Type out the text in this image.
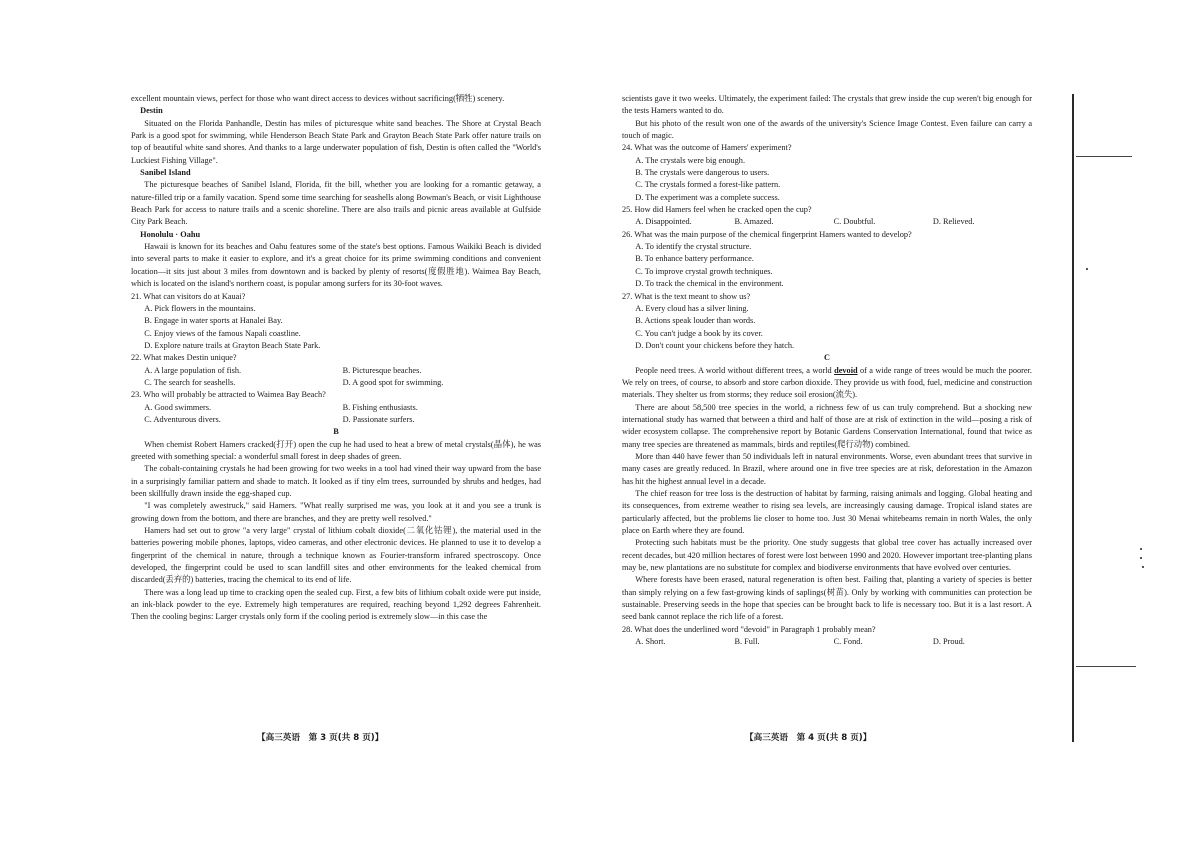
excellent mountain views, perfect for those who want direct access to devices without sacrificing(牺牲) scenery.

Destin

Situated on the Florida Panhandle, Destin has miles of picturesque white sand beaches. The Shore at Crystal Beach Park is a good spot for swimming, while Henderson Beach State Park and Grayton Beach State Park offer nature trails on top of beautiful white sand shores. And thanks to a large underwater population of fish, Destin is often called the "World's Luckiest Fishing Village".

Sanibel Island

The picturesque beaches of Sanibel Island, Florida, fit the bill, whether you are looking for a romantic getaway, a nature-filled trip or a family vacation. Spend some time searching for seashells along Bowman's Beach, or visit Lighthouse Beach Park for access to nature trails and a scenic shoreline. There are also trails and picnic areas available at Gulfside City Park Beach.

Honolulu · Oahu

Hawaii is known for its beaches and Oahu features some of the state's best options. Famous Waikiki Beach is divided into several parts to make it easier to explore, and it's a great choice for its prime swimming conditions and convenient location—it sits just about 3 miles from downtown and is backed by plenty of resorts(度假胜地). Waimea Bay Beach, which is located on the island's northern coast, is popular among surfers for its 30-foot waves.

21. What can visitors do at Kauai?

A. Pick flowers in the mountains.

B. Engage in water sports at Hanalei Bay.

C. Enjoy views of the famous Napali coastline.

D. Explore nature trails at Grayton Beach State Park.

22. What makes Destin unique?

A. A large population of fish.	B. Picturesque beaches.
C. The search for seashells.	D. A good spot for swimming.

23. Who will probably be attracted to Waimea Bay Beach?

A. Good swimmers.	B. Fishing enthusiasts.
C. Adventurous divers.	D. Passionate surfers.

B

When chemist Robert Hamers cracked(打开) open the cup he had used to heat a brew of metal crystals(晶体), he was greeted with something special: a wonderful small forest in deep shades of green.

The cobalt-containing crystals he had been growing for two weeks in a tool had vined their way upward from the base in a surprisingly familiar pattern and shade to match. It looked as if tiny elm trees, surrounded by shrubs and hedges, had been skillfully drawn inside the egg-shaped cup.

"I was completely awestruck," said Hamers. "What really surprised me was, you look at it and you see a trunk is growing down from the bottom, and there are branches, and they are pretty well resolved."

Hamers had set out to grow "a very large" crystal of lithium cobalt dioxide(二氧化钴锂), the material used in the batteries powering mobile phones, laptops, video cameras, and other electronic devices. He planned to use it to develop a fingerprint of the chemical in nature, through a technique known as Fourier-transform infrared spectroscopy. Once developed, the fingerprint could be used to scan landfill sites and other environments for the leaked chemical from discarded(丢弃的) batteries, tracing the chemical to its end of life.

There was a long lead up time to cracking open the sealed cup. First, a few bits of lithium cobalt oxide were put inside, an ink-black powder to the eye. Extremely high temperatures are required, reaching beyond 1,292 degrees Fahrenheit. Then the cooling begins: Larger crystals only form if the cooling period is extremely slow—in this case the

【高三英语　第 3 页(共 8 页)】

scientists gave it two weeks. Ultimately, the experiment failed: The crystals that grew inside the cup weren't big enough for the tests Hamers wanted to do.

But his photo of the result won one of the awards of the university's Science Image Contest. Even failure can carry a touch of magic.

24. What was the outcome of Hamers' experiment?

A. The crystals were big enough.

B. The crystals were dangerous to users.

C. The crystals formed a forest-like pattern.

D. The experiment was a complete success.

25. How did Hamers feel when he cracked open the cup?

A. Disappointed.	B. Amazed.	C. Doubtful.	D. Relieved.

26. What was the main purpose of the chemical fingerprint Hamers wanted to develop?

A. To identify the crystal structure.

B. To enhance battery performance.

C. To improve crystal growth techniques.

D. To track the chemical in the environment.

27. What is the text meant to show us?

A. Every cloud has a silver lining.

B. Actions speak louder than words.

C. You can't judge a book by its cover.

D. Don't count your chickens before they hatch.

C

People need trees. A world without different trees, a world devoid of a wide range of trees would be much the poorer. We rely on trees, of course, to absorb and store carbon dioxide. They provide us with food, fuel, medicine and construction materials. They shelter us from storms; they reduce soil erosion(流失).

There are about 58,500 tree species in the world, a richness few of us can truly comprehend. But a shocking new international study has warned that between a third and half of those are at risk of extinction in the wild—posing a risk of wider ecosystem collapse. The comprehensive report by Botanic Gardens Conservation International, found that twice as many tree species are threatened as mammals, birds and reptiles(爬行动物) combined.

More than 440 have fewer than 50 individuals left in natural environments. Worse, even abundant trees that survive in many cases are greatly reduced. In Brazil, where around one in five tree species are at risk, deforestation in the Amazon has hit the highest annual level in a decade.

The chief reason for tree loss is the destruction of habitat by farming, raising animals and logging. Global heating and its consequences, from extreme weather to rising sea levels, are increasingly causing damage. Tropical island states are particularly affected, but the problems lie closer to home too. Just 30 Menai whitebeams remain in north Wales, the only place on Earth where they are found.

Protecting such habitats must be the priority. One study suggests that global tree cover has actually increased over recent decades, but 420 million hectares of forest were lost between 1990 and 2020. However important tree-planting plans may be, new plantations are no substitute for complex and biodiverse environments that have evolved over centuries.

Where forests have been erased, natural regeneration is often best. Failing that, planting a variety of species is better than simply relying on a few fast-growing kinds of saplings(树苗). Only by working with communities can protection be sustainable. Preserving seeds in the hope that species can be brought back to life is necessary too. But it is a last resort. A seed bank cannot replace the rich life of a forest.

28. What does the underlined word "devoid" in Paragraph 1 probably mean?

A. Short.	B. Full.	C. Fond.	D. Proud.
【高三英语　第 4 页(共 8 页)】
